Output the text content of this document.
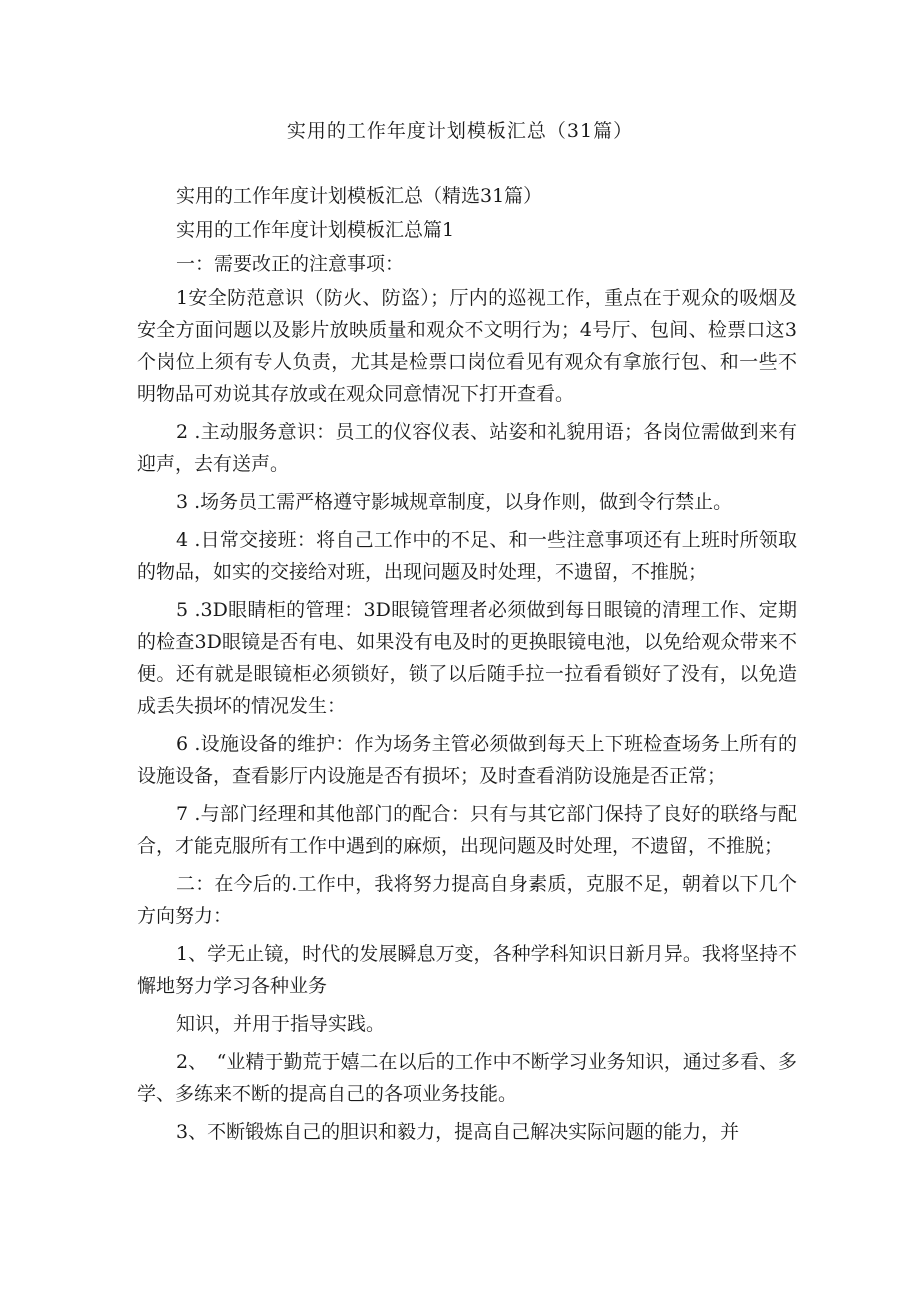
实用的工作年度计划模板汇总（31篇）

实用的工作年度计划模板汇总（精选31篇）

实用的工作年度计划模板汇总篇1

一：需要改正的注意事项：

1安全防范意识（防火、防盗）；厅内的巡视工作，重点在于观众的吸烟及安全方面问题以及影片放映质量和观众不文明行为；4号厅、包间、检票口这3个岗位上须有专人负责，尤其是检票口岗位看见有观众有拿旅行包、和一些不明物品可劝说其存放或在观众同意情况下打开查看。

2 .主动服务意识：员工的仪容仪表、站姿和礼貌用语；各岗位需做到来有迎声，去有送声。

3 .场务员工需严格遵守影城规章制度，以身作则，做到令行禁止。

4 .日常交接班：将自己工作中的不足、和一些注意事项还有上班时所领取的物品，如实的交接给对班，出现问题及时处理，不遗留，不推脱；

5 .3D眼睛柜的管理：3D眼镜管理者必须做到每日眼镜的清理工作、定期的检查3D眼镜是否有电、如果没有电及时的更换眼镜电池，以免给观众带来不便。还有就是眼镜柜必须锁好，锁了以后随手拉一拉看看锁好了没有，以免造成丢失损坏的情况发生：

6 .设施设备的维护：作为场务主管必须做到每天上下班检查场务上所有的设施设备，查看影厅内设施是否有损坏；及时查看消防设施是否正常；

7 .与部门经理和其他部门的配合：只有与其它部门保持了良好的联络与配合，才能克服所有工作中遇到的麻烦，出现问题及时处理，不遗留，不推脱；

二：在今后的.工作中，我将努力提高自身素质，克服不足，朝着以下几个方向努力：

1、学无止镜，时代的发展瞬息万变，各种学科知识日新月异。我将坚持不懈地努力学习各种业务

知识，并用于指导实践。

2、　“业精于勤荒于嬉二在以后的工作中不断学习业务知识，通过多看、多学、多练来不断的提高自己的各项业务技能。

3、不断锻炼自己的胆识和毅力，提高自己解决实际问题的能力，并
